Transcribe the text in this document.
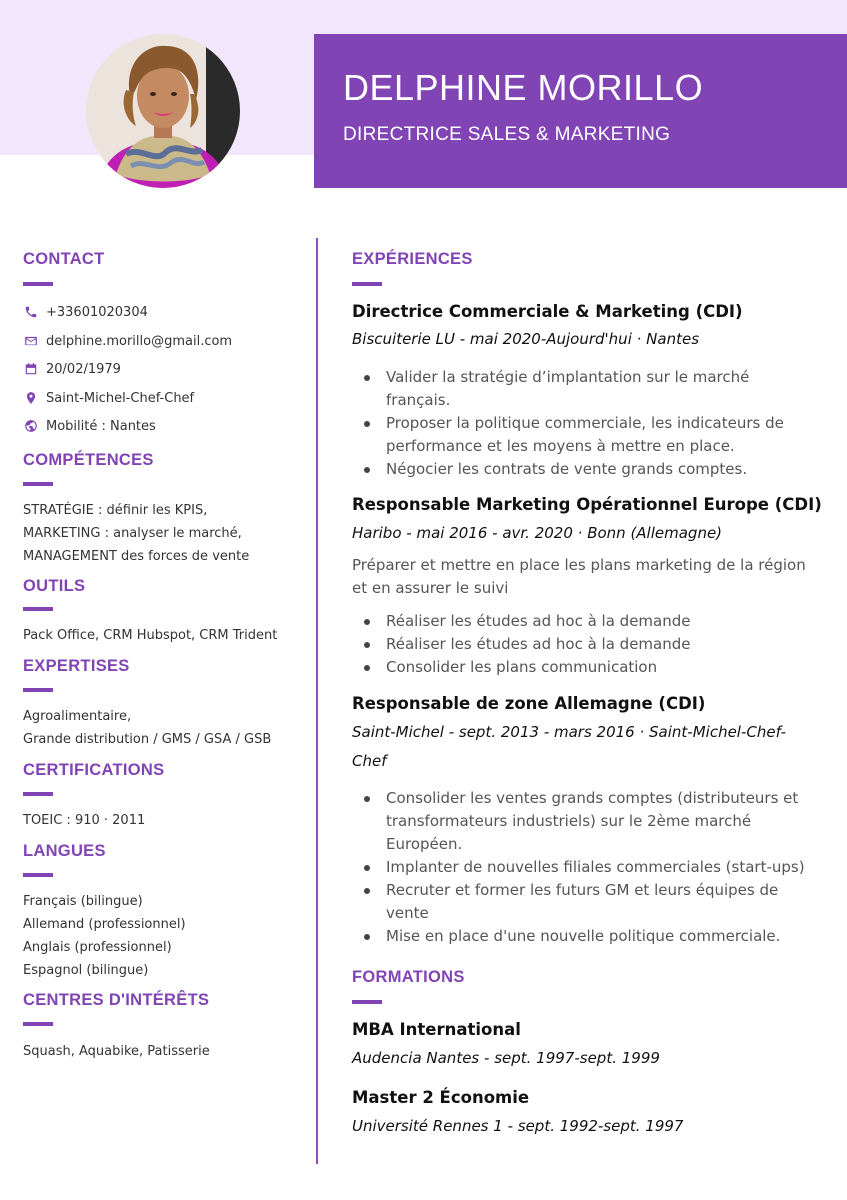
DELPHINE MORILLO
DIRECTRICE SALES & MARKETING
CONTACT
+33601020304
delphine.morillo@gmail.com
20/02/1979
Saint-Michel-Chef-Chef
Mobilité : Nantes
COMPÉTENCES
STRATÉGIE : définir les KPIS,
MARKETING : analyser le marché,
MANAGEMENT des forces de vente
OUTILS
Pack Office, CRM Hubspot, CRM Trident
EXPERTISES
Agroalimentaire,
Grande distribution / GMS / GSA / GSB
CERTIFICATIONS
TOEIC : 910 · 2011
LANGUES
Français (bilingue)
Allemand (professionnel)
Anglais (professionnel)
Espagnol (bilingue)
CENTRES D'INTÉRÊTS
Squash, Aquabike, Patisserie
EXPÉRIENCES
Directrice Commerciale & Marketing (CDI)
Biscuiterie LU - mai 2020-Aujourd'hui · Nantes
Valider la stratégie d’implantation sur le marché français.
Proposer la politique commerciale, les indicateurs de performance et les moyens à mettre en place.
Négocier les contrats de vente grands comptes.
Responsable Marketing Opérationnel Europe (CDI)
Haribo - mai 2016 - avr. 2020 · Bonn (Allemagne)
Préparer et mettre en place les plans marketing de la région et en assurer le suivi
Réaliser les études ad hoc à la demande
Réaliser les études ad hoc à la demande
Consolider les plans communication
Responsable de zone Allemagne (CDI)
Saint-Michel - sept. 2013 - mars 2016 · Saint-Michel-Chef-Chef
Consolider les ventes grands comptes (distributeurs et transformateurs industriels) sur le 2ème marché Européen.
Implanter de nouvelles filiales commerciales (start-ups)
Recruter et former les futurs GM et leurs équipes de vente
Mise en place d'une nouvelle politique commerciale.
FORMATIONS
MBA International
Audencia Nantes - sept. 1997-sept. 1999
Master 2 Économie
Université Rennes 1 - sept. 1992-sept. 1997
